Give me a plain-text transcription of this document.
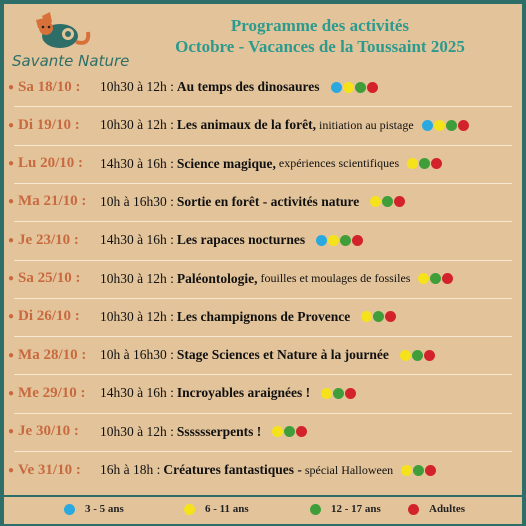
Savante Nature
Programme des activités
Octobre - Vacances de la Toussaint 2025
● Sa 18/10 : 10h30 à 12h : Au temps des dinosaures
● Di 19/10 : 10h30 à 12h : Les animaux de la forêt, initiation au pistage
● Lu 20/10 : 14h30 à 16h : Science magique, expériences scientifiques
● Ma 21/10 : 10h à 16h30 : Sortie en forêt - activités nature
● Je 23/10 : 14h30 à 16h : Les rapaces nocturnes
● Sa 25/10 : 10h30 à 12h : Paléontologie, fouilles et moulages de fossiles
● Di 26/10 : 10h30 à 12h : Les champignons de Provence
● Ma 28/10 : 10h à 16h30 : Stage Sciences et Nature à la journée
● Me 29/10 : 14h30 à 16h : Incroyables araignées !
● Je 30/10 : 10h30 à 12h : Sssssserpents !
● Ve 31/10 : 16h à 18h : Créatures fantastiques - spécial Halloween
3 - 5 ans	6 - 11 ans	12 - 17 ans	Adultes
